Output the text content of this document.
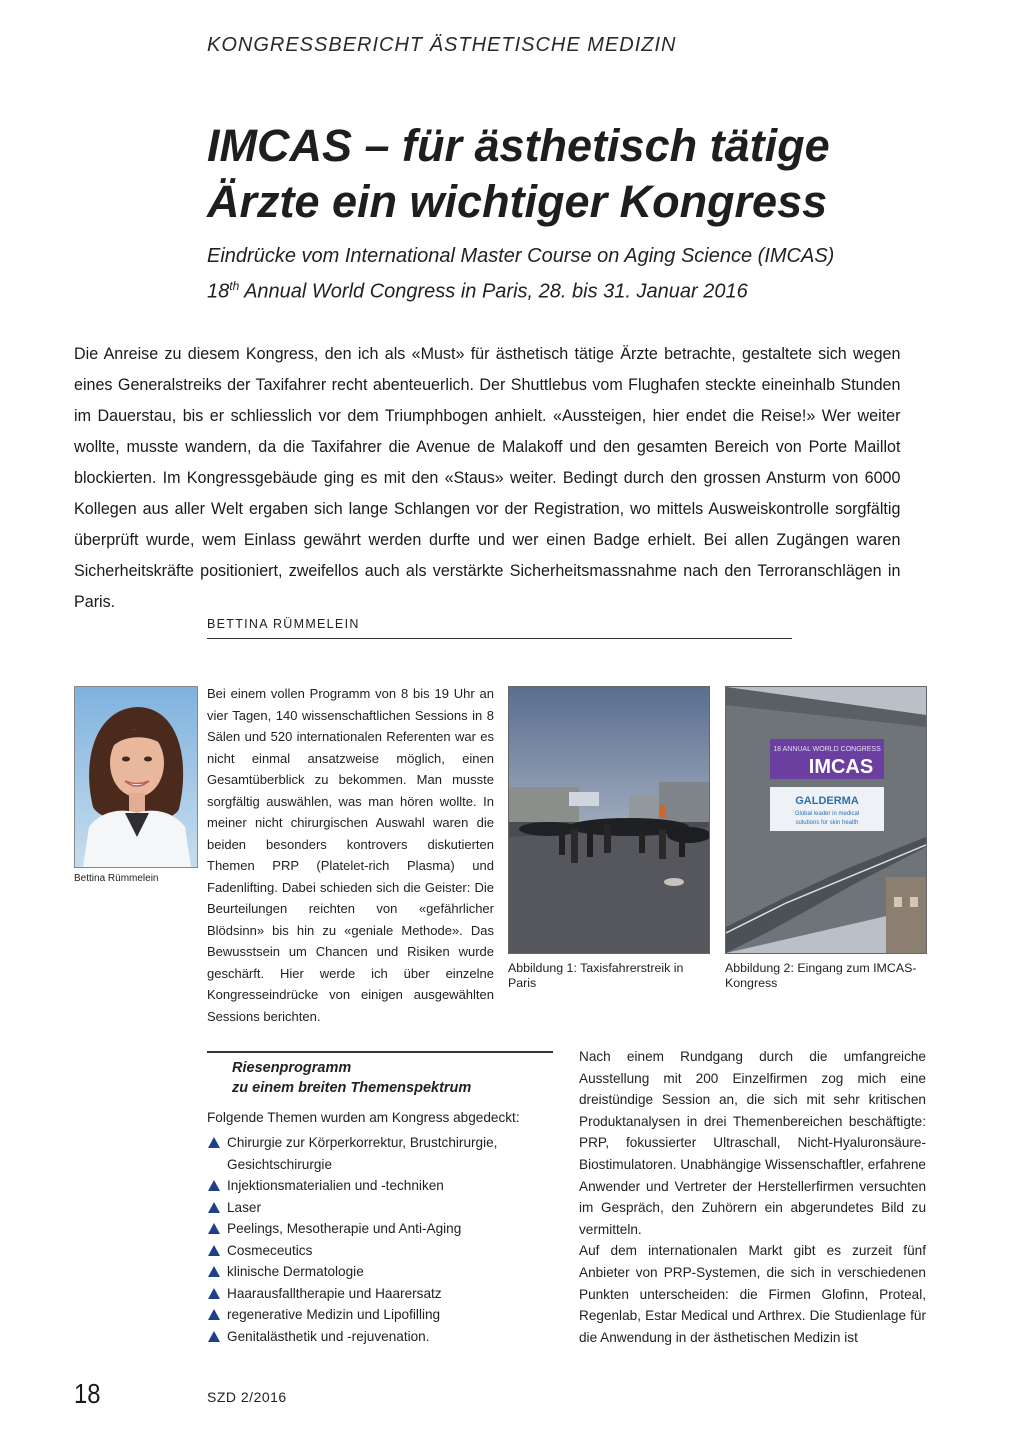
KONGRESSBERICHT ÄSTHETISCHE MEDIZIN
IMCAS – für ästhetisch tätige
Ärzte ein wichtiger Kongress
Eindrücke vom International Master Course on Aging Science (IMCAS)
18th Annual World Congress in Paris, 28. bis 31. Januar 2016
Die Anreise zu diesem Kongress, den ich als «Must» für ästhetisch tätige Ärzte betrachte, gestaltete sich wegen eines Generalstreiks der Taxifahrer recht abenteuerlich. Der Shuttlebus vom Flughafen steckte eineinhalb Stunden im Dauerstau, bis er schliesslich vor dem Triumphbogen anhielt. «Aussteigen, hier endet die Reise!» Wer weiter wollte, musste wandern, da die Taxifahrer die Avenue de Malakoff und den gesamten Bereich von Porte Maillot blockierten. Im Kongressgebäude ging es mit den «Staus» weiter. Bedingt durch den grossen Ansturm von 6000 Kollegen aus aller Welt ergaben sich lange Schlangen vor der Registration, wo mittels Ausweiskontrolle sorgfältig überprüft wurde, wem Einlass gewährt werden durfte und wer einen Badge erhielt. Bei allen Zugängen waren Sicherheitskräfte positioniert, zweifellos auch als verstärkte Sicherheitsmassnahme nach den Terroranschlägen in Paris.
BETTINA RÜMMELEIN
Bettina Rümmelein
Bei einem vollen Programm von 8 bis 19 Uhr an vier Tagen, 140 wissenschaftlichen Sessions in 8 Sälen und 520 internationalen Referenten war es nicht einmal ansatzweise möglich, einen Gesamtüberblick zu bekommen. Man musste sorgfältig auswählen, was man hören wollte. In meiner nicht chirurgischen Auswahl waren die beiden besonders kontrovers diskutierten Themen PRP (Platelet-rich Plasma) und Fadenlifting. Dabei schieden sich die Geister: Die Beurteilungen reichten von «gefährlicher Blödsinn» bis hin zu «geniale Methode». Das Bewusstsein um Chancen und Risiken wurde geschärft. Hier werde ich über einzelne Kongresseindrücke von einigen ausgewählten Sessions berichten.
Abbildung 1: Taxisfahrerstreik in Paris
18 ANNUAL WORLD CONGRESS
IMCAS
GALDERMA
Global leader in medical
solutions for skin health
Abbildung 2: Eingang zum IMCAS-Kongress
Riesenprogramm
zu einem breiten Themenspektrum
Folgende Themen wurden am Kongress abgedeckt:
Chirurgie zur Körperkorrektur, Brustchirurgie, Gesichtschirurgie
Injektionsmaterialien und -techniken
Laser
Peelings, Mesotherapie und Anti-Aging
Cosmeceutics
klinische Dermatologie
Haarausfalltherapie und Haarersatz
regenerative Medizin und Lipofilling
Genitalästhetik und -rejuvenation.

Nach einem Rundgang durch die umfangreiche Ausstellung mit 200 Einzelfirmen zog mich eine dreistündige Session an, die sich mit sehr kritischen Produktanalysen in drei Themenbereichen beschäftigte: PRP, fokussierter Ultraschall, Nicht-Hyaluronsäure-Biostimulatoren. Unabhängige Wissenschaftler, erfahrene Anwender und Vertreter der Herstellerfirmen versuchten im Gespräch, den Zuhörern ein abgerundetes Bild zu vermitteln.

Auf dem internationalen Markt gibt es zurzeit fünf Anbieter von PRP-Systemen, die sich in verschiedenen Punkten unterscheiden: die Firmen Glofinn, Proteal, Regenlab, Estar Medical und Arthrex. Die Studienlage für die Anwendung in der ästhetischen Medizin ist

18	SZD 2/2016
